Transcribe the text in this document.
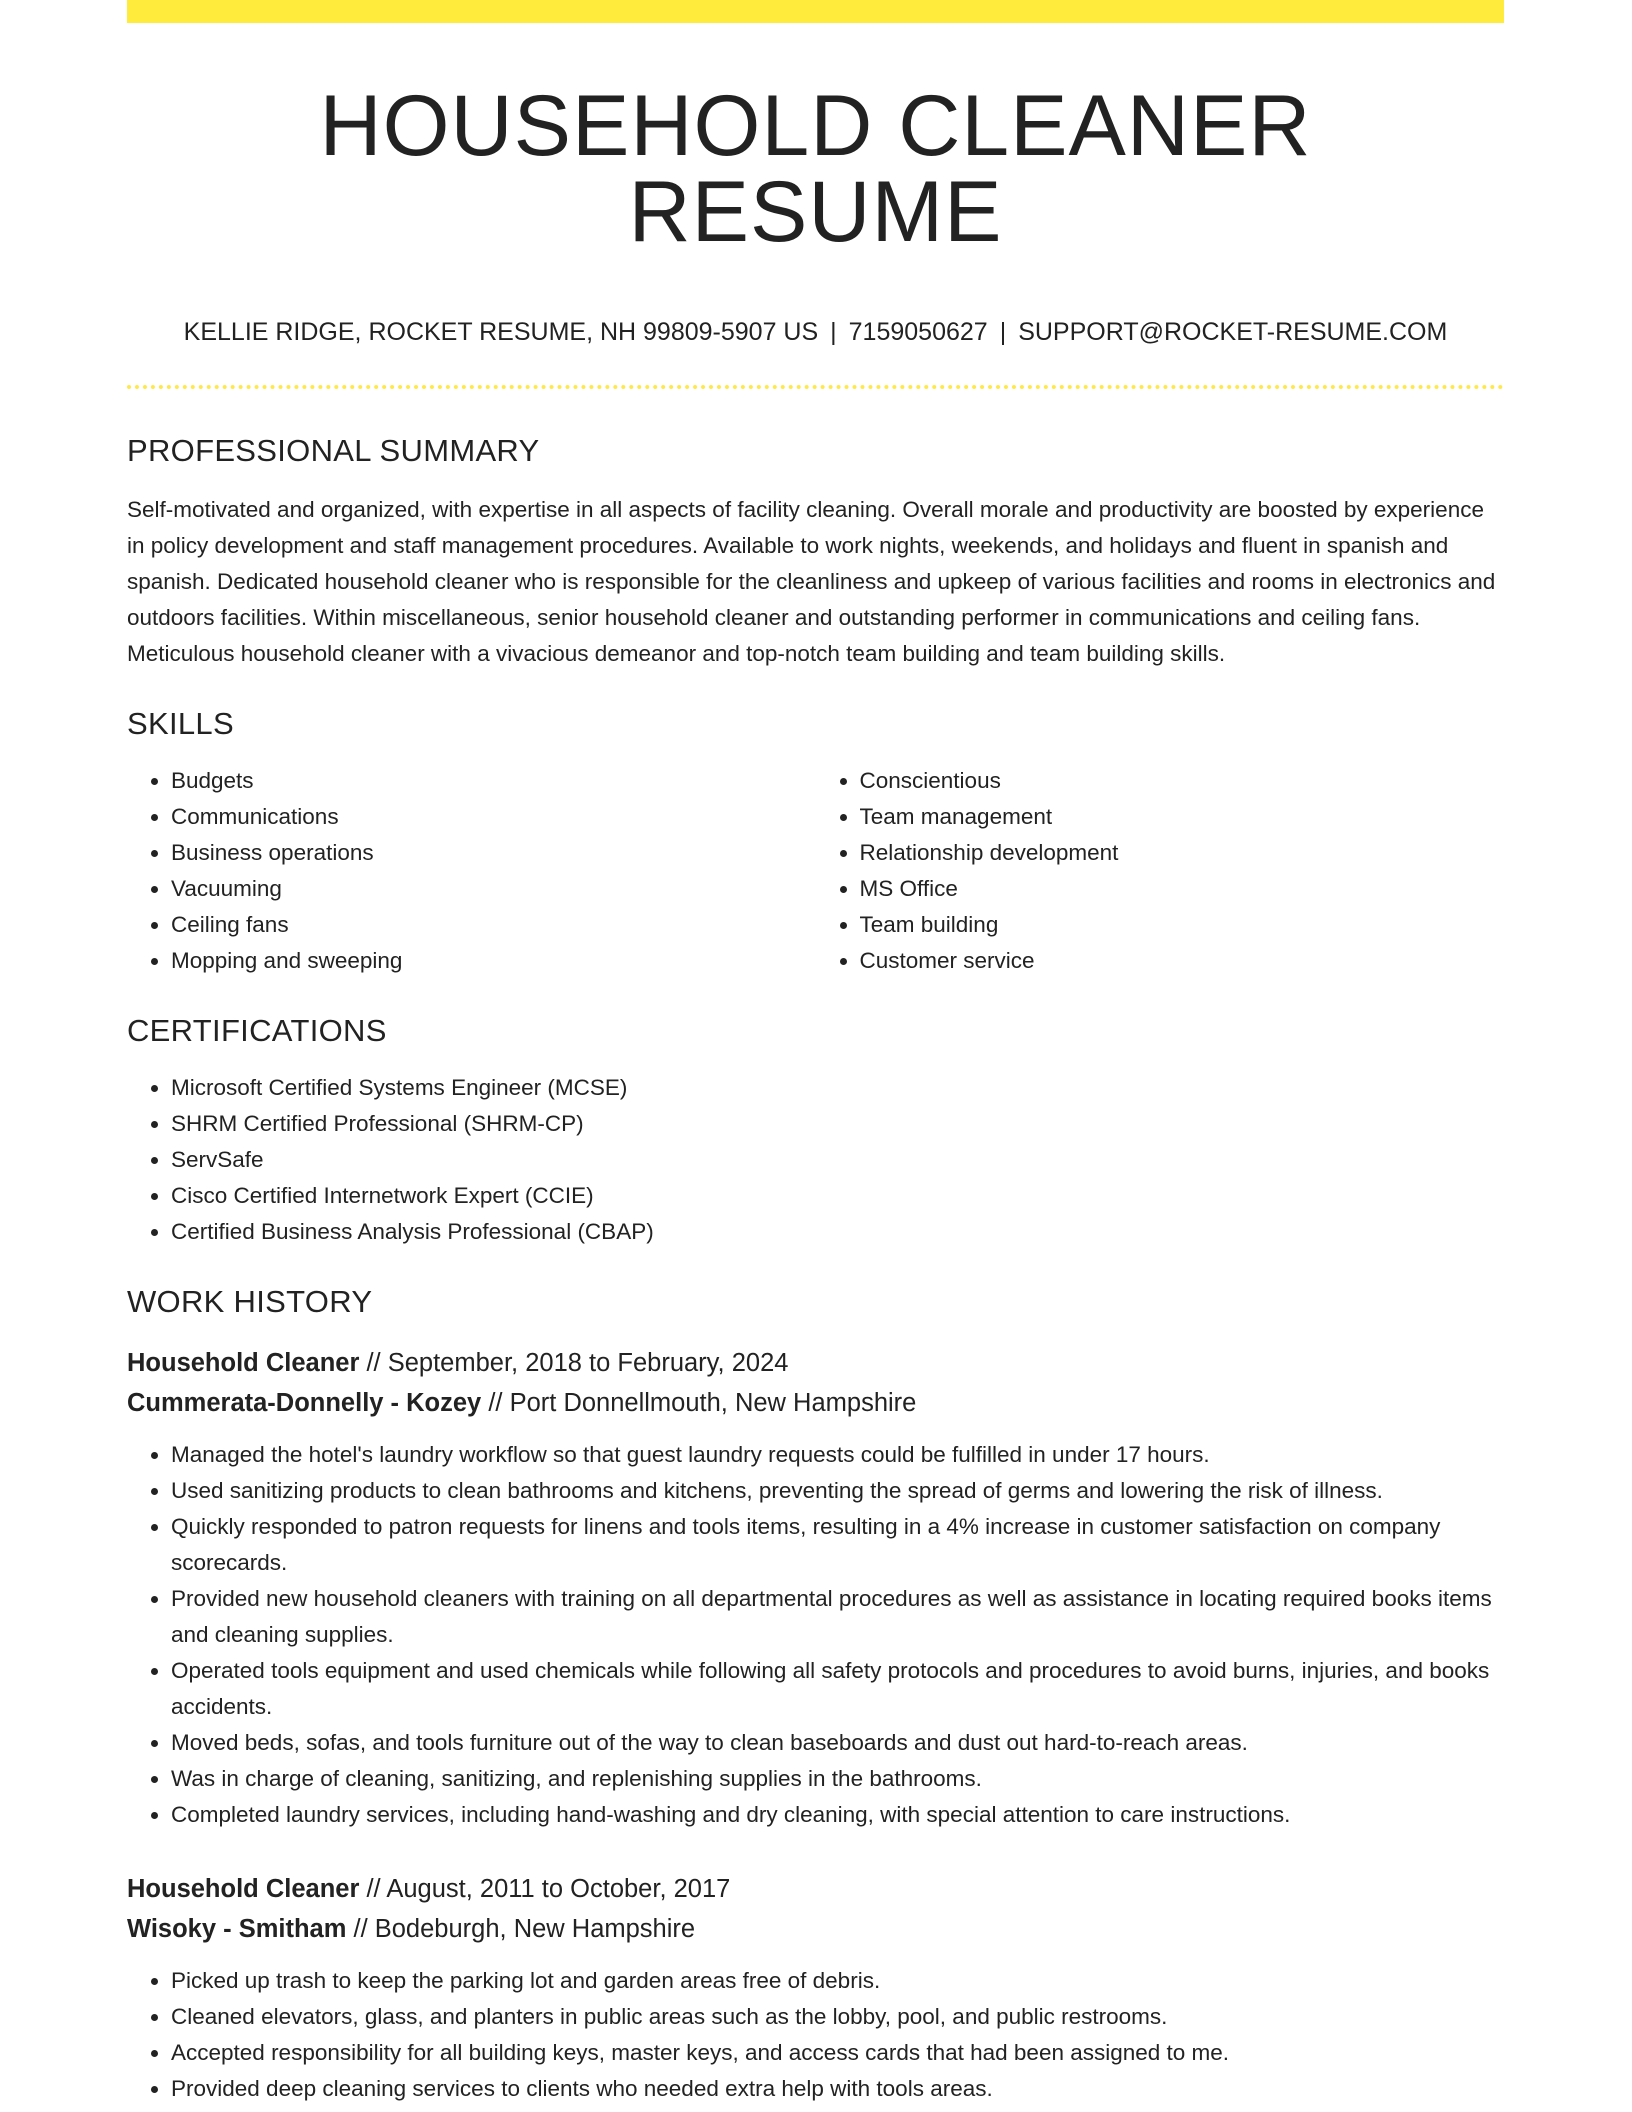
HOUSEHOLD CLEANER RESUME
KELLIE RIDGE, ROCKET RESUME, NH 99809-5907 US | 7159050627 | SUPPORT@ROCKET-RESUME.COM
PROFESSIONAL SUMMARY

Self-motivated and organized, with expertise in all aspects of facility cleaning. Overall morale and productivity are boosted by experience in policy development and staff management procedures. Available to work nights, weekends, and holidays and fluent in spanish and spanish. Dedicated household cleaner who is responsible for the cleanliness and upkeep of various facilities and rooms in electronics and outdoors facilities. Within miscellaneous, senior household cleaner and outstanding performer in communications and ceiling fans. Meticulous household cleaner with a vivacious demeanor and top-notch team building and team building skills.

SKILLS
• Budgets
• Communications
• Business operations
• Vacuuming
• Ceiling fans
• Mopping and sweeping
• Conscientious
• Team management
• Relationship development
• MS Office
• Team building
• Customer service
CERTIFICATIONS
• Microsoft Certified Systems Engineer (MCSE)
• SHRM Certified Professional (SHRM-CP)
• ServSafe
• Cisco Certified Internetwork Expert (CCIE)
• Certified Business Analysis Professional (CBAP)
WORK HISTORY
Household Cleaner // September, 2018 to February, 2024
Cummerata-Donnelly - Kozey // Port Donnellmouth, New Hampshire
• Managed the hotel's laundry workflow so that guest laundry requests could be fulfilled in under 17 hours.
• Used sanitizing products to clean bathrooms and kitchens, preventing the spread of germs and lowering the risk of illness.
• Quickly responded to patron requests for linens and tools items, resulting in a 4% increase in customer satisfaction on company scorecards.
• Provided new household cleaners with training on all departmental procedures as well as assistance in locating required books items and cleaning supplies.
• Operated tools equipment and used chemicals while following all safety protocols and procedures to avoid burns, injuries, and books accidents.
• Moved beds, sofas, and tools furniture out of the way to clean baseboards and dust out hard-to-reach areas.
• Was in charge of cleaning, sanitizing, and replenishing supplies in the bathrooms.
• Completed laundry services, including hand-washing and dry cleaning, with special attention to care instructions.
Household Cleaner // August, 2011 to October, 2017
Wisoky - Smitham // Bodeburgh, New Hampshire
• Picked up trash to keep the parking lot and garden areas free of debris.
• Cleaned elevators, glass, and planters in public areas such as the lobby, pool, and public restrooms.
• Accepted responsibility for all building keys, master keys, and access cards that had been assigned to me.
• Provided deep cleaning services to clients who needed extra help with tools areas.
